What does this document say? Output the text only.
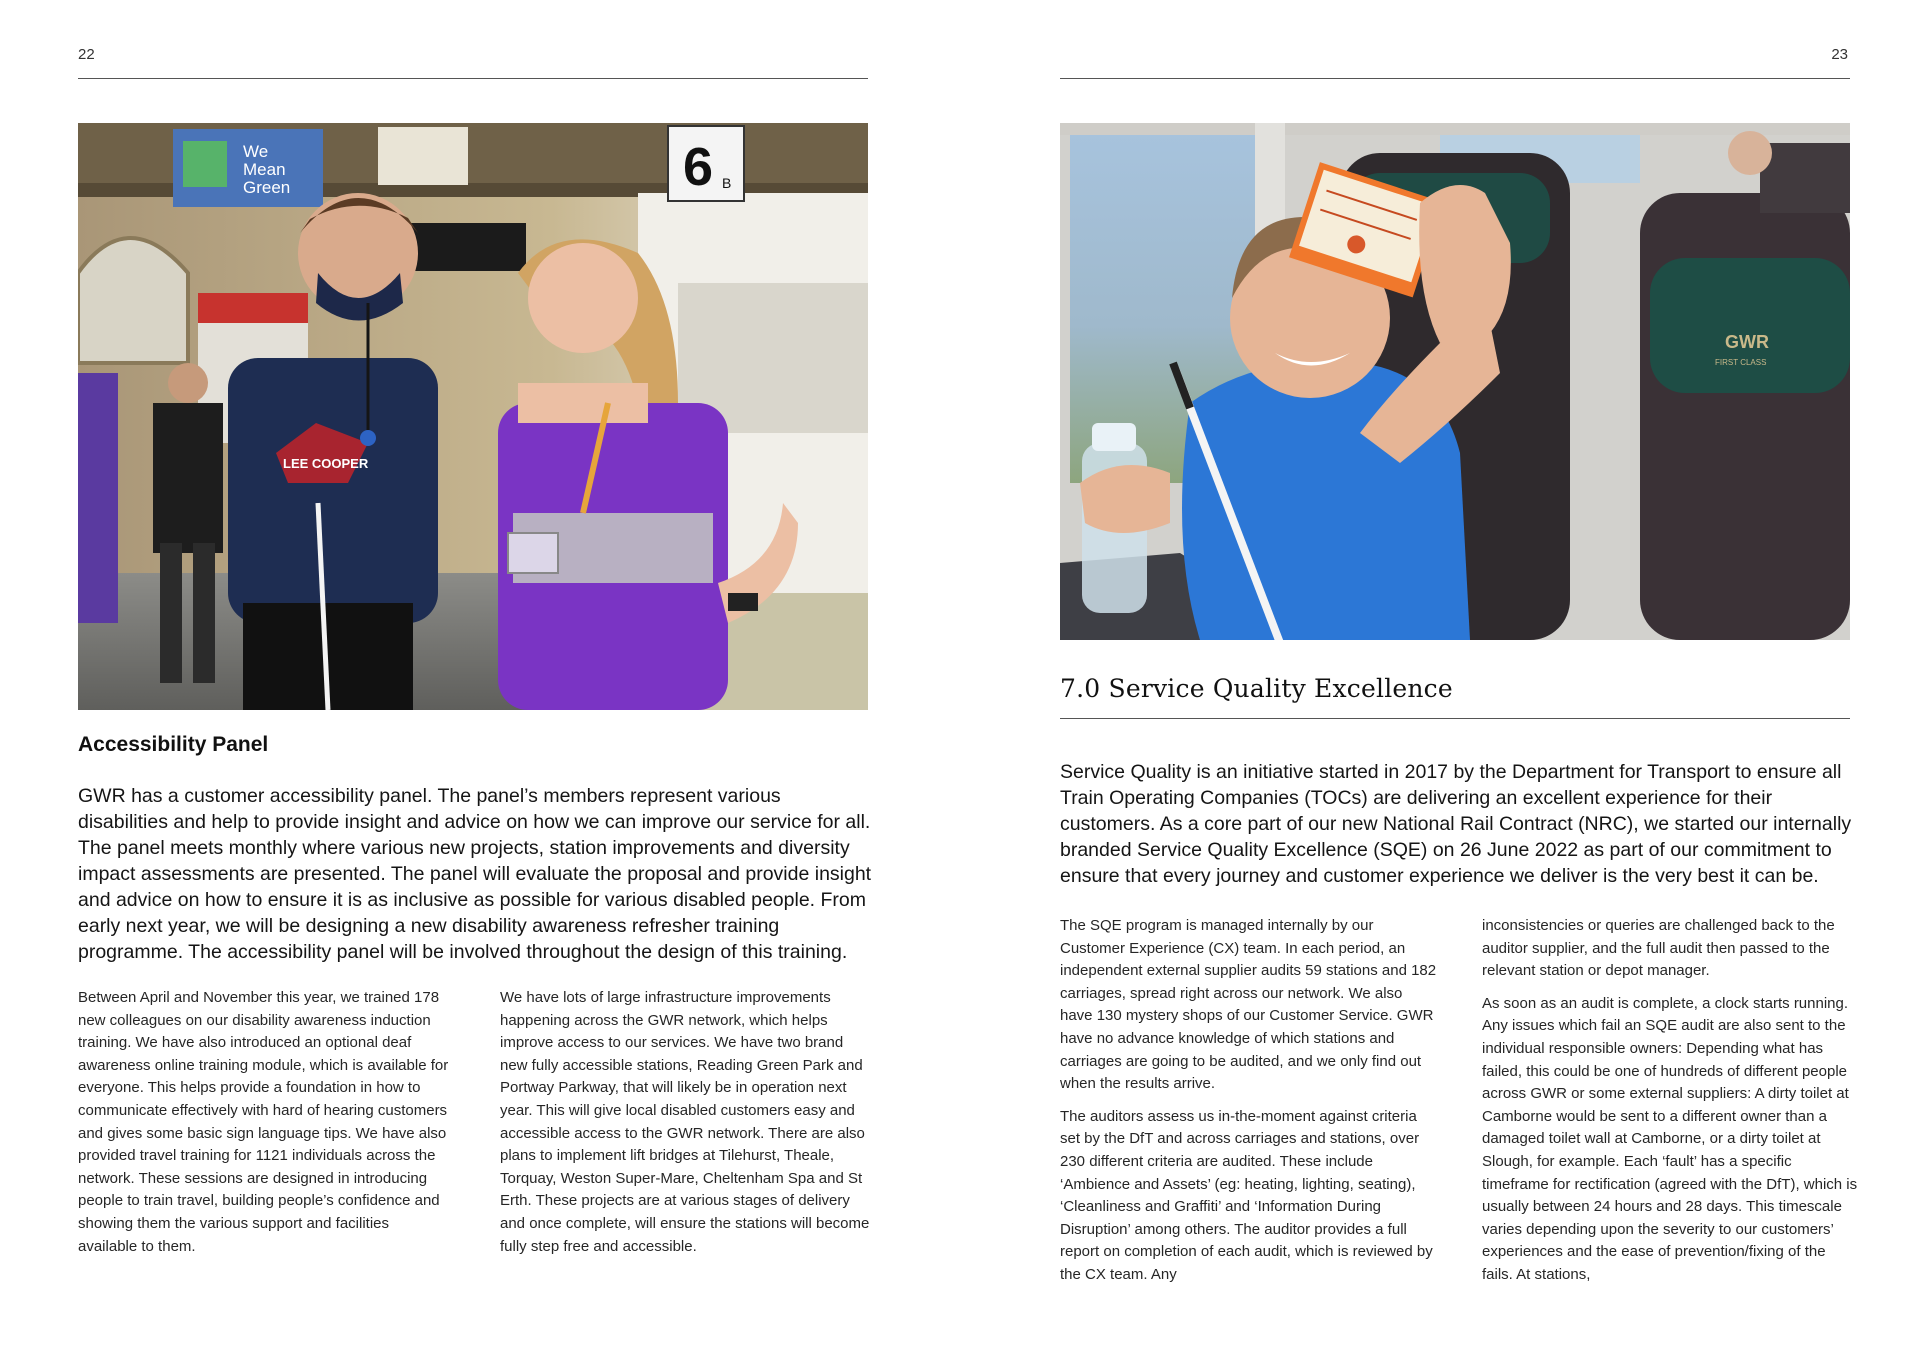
22
We
Mean
Green	6 B
LEE COOPER
Accessibility Panel

GWR has a customer accessibility panel. The panel’s members represent various disabilities and help to provide insight and advice on how we can improve our service for all. The panel meets monthly where various new projects, station improvements and diversity impact assessments are presented. The panel will evaluate the proposal and provide insight and advice on how to ensure it is as inclusive as possible for various disabled people. From early next year, we will be designing a new disability awareness refresher training programme. The accessibility panel will be involved throughout the design of this training.

Between April and November this year, we trained 178 new colleagues on our disability awareness induction training. We have also introduced an optional deaf awareness online training module, which is available for everyone. This helps provide a foundation in how to communicate effectively with hard of hearing customers and gives some basic sign language tips. We have also provided travel training for 1121 individuals across the network. These sessions are designed in introducing people to train travel, building people’s confidence and showing them the various support and facilities available to them.

We have lots of large infrastructure improvements happening across the GWR network, which helps improve access to our services. We have two brand new fully accessible stations, Reading Green Park and Portway Parkway, that will likely be in operation next year. This will give local disabled customers easy and accessible access to the GWR network. There are also plans to implement lift bridges at Tilehurst, Theale, Torquay, Weston Super-Mare, Cheltenham Spa and St Erth. These projects are at various stages of delivery and once complete, will ensure the stations will become fully step free and accessible.

23
GWR
FIRST CLASS
7.0 Service Quality Excellence

Service Quality is an initiative started in 2017 by the Department for Transport to ensure all Train Operating Companies (TOCs) are delivering an excellent experience for their customers. As a core part of our new National Rail Contract (NRC), we started our internally branded Service Quality Excellence (SQE) on 26 June 2022 as part of our commitment to ensure that every journey and customer experience we deliver is the very best it can be.

The SQE program is managed internally by our Customer Experience (CX) team. In each period, an independent external supplier audits 59 stations and 182 carriages, spread right across our network. We also have 130 mystery shops of our Customer Service. GWR have no advance knowledge of which stations and carriages are going to be audited, and we only find out when the results arrive.

The auditors assess us in-the-moment against criteria set by the DfT and across carriages and stations, over 230 different criteria are audited. These include ‘Ambience and Assets’ (eg: heating, lighting, seating), ‘Cleanliness and Graffiti’ and ‘Information During Disruption’ among others. The auditor provides a full report on completion of each audit, which is reviewed by the CX team. Any

inconsistencies or queries are challenged back to the auditor supplier, and the full audit then passed to the relevant station or depot manager.

As soon as an audit is complete, a clock starts running. Any issues which fail an SQE audit are also sent to the individual responsible owners: Depending what has failed, this could be one of hundreds of different people across GWR or some external suppliers: A dirty toilet at Camborne would be sent to a different owner than a damaged toilet wall at Camborne, or a dirty toilet at Slough, for example. Each ‘fault’ has a specific timeframe for rectification (agreed with the DfT), which is usually between 24 hours and 28 days. This timescale varies depending upon the severity to our customers’ experiences and the ease of prevention/fixing of the fails. At stations,
